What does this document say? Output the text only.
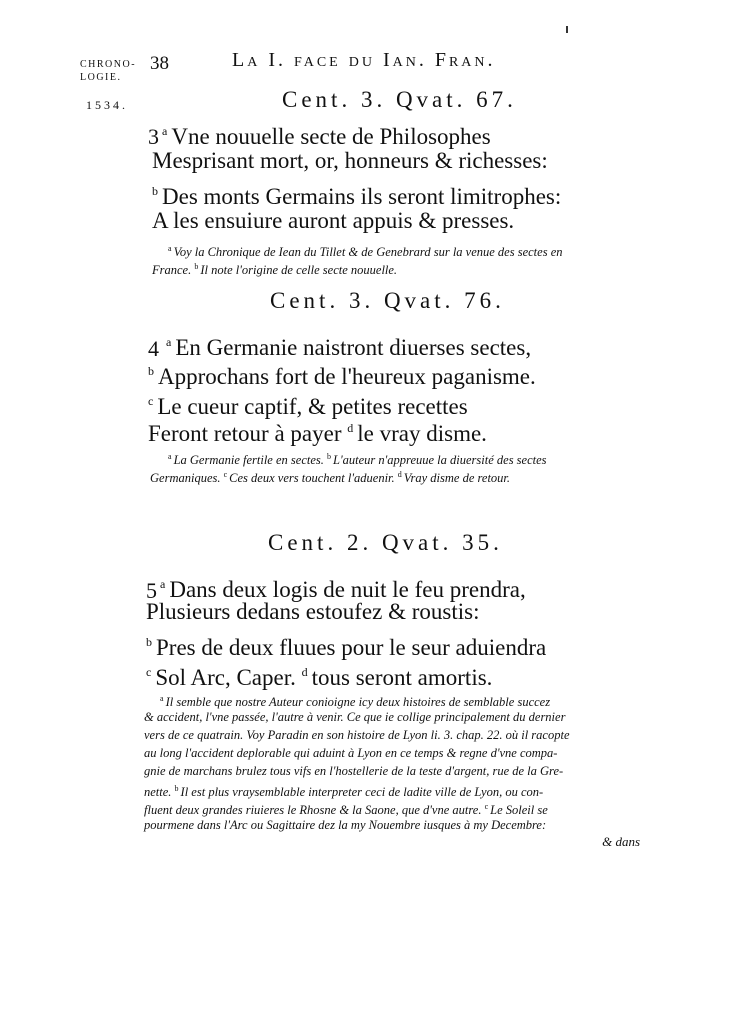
CHRONO-
LOGIE.
1534.
38	La I. face du Ian. Fran.
Cent. 3. Qvat. 67.
3 $^a$ Vne nouuelle secte de Philosophes
Mesprisant mort, or, honneurs & richesses:
$^b$ Des monts Germains ils seront limitrophes:
A les ensuiure auront appuis & presses.
$^a$ Voy la Chronique de Iean du Tillet & de Genebrard sur la venue des sectes en
France. $^b$ Il note l'origine de celle secte nouuelle.
Cent. 3. Qvat. 76.
4 $^a$ En Germanie naistront diuerses sectes,
$^b$ Approchans fort de l'heureux paganisme.
$^c$ Le cueur captif, & petites recettes
Feront retour à payer $^d$ le vray disme.
$^a$ La Germanie fertile en sectes. $^b$ L'auteur n'appreuue la diuersité des sectes
Germaniques. $^c$ Ces deux vers touchent l'aduenir. $^d$ Vray disme de retour.
Cent. 2. Qvat. 35.
5 $^a$ Dans deux logis de nuit le feu prendra,
Plusieurs dedans estoufez & roustis:
$^b$ Pres de deux fluues pour le seur aduiendra
$^c$ Sol Arc, Caper. $^d$ tous seront amortis.
$^a$ Il semble que nostre Auteur conioigne icy deux histoires de semblable succez
& accident, l'vne passée, l'autre à venir. Ce que ie collige principalement du dernier
vers de ce quatrain. Voy Paradin en son histoire de Lyon li. 3. chap. 22. où il racopte
au long l'accident deplorable qui aduint à Lyon en ce temps & regne d'vne compa-
gnie de marchans brulez tous vifs en l'hostellerie de la teste d'argent, rue de la Gre-
nette. $^b$ Il est plus vraysemblable interpreter ceci de ladite ville de Lyon, ou con-
fluent deux grandes riuieres le Rhosne & la Saone, que d'vne autre. $^c$ Le Soleil se
pourmene dans l'Arc ou Sagittaire dez la my Nouembre iusques à my Decembre:
& dans
